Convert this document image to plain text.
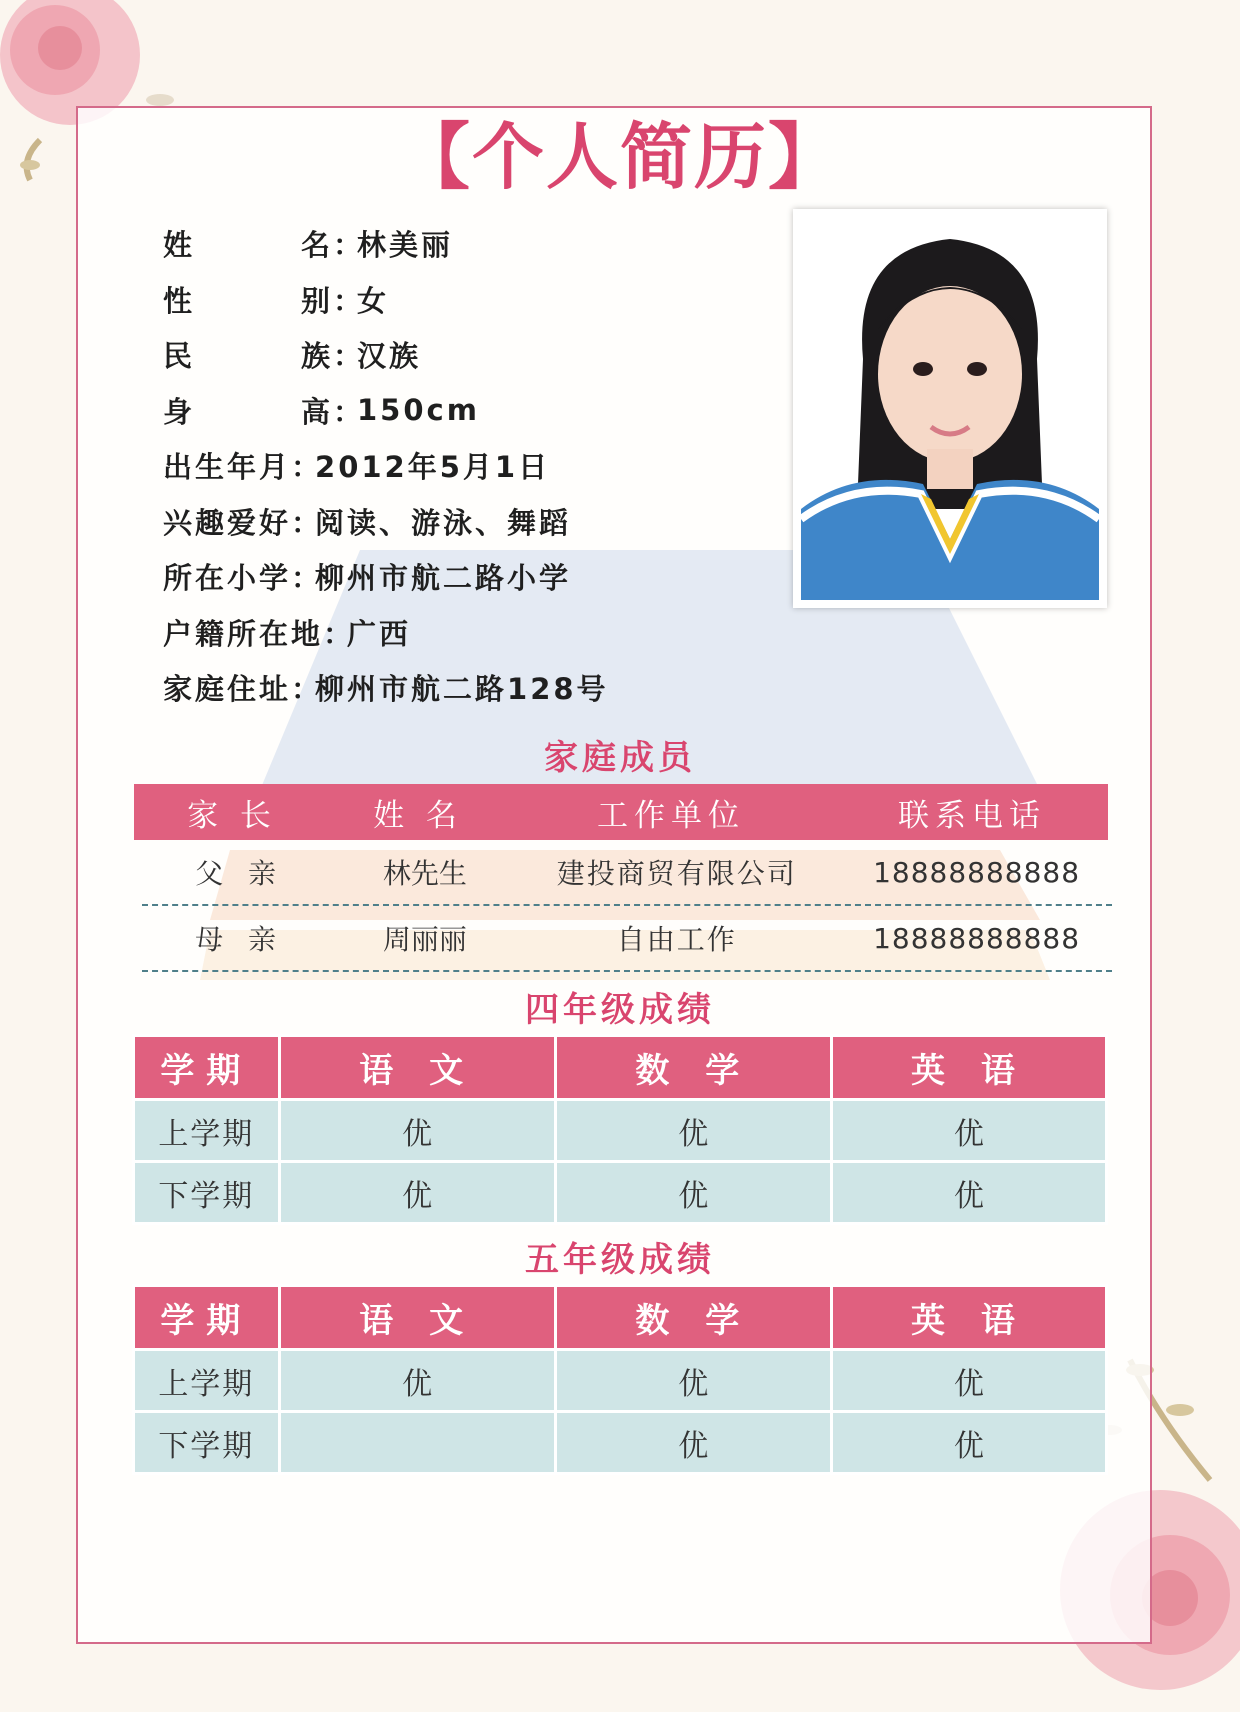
【个人简历】
姓名 ：
林美丽
性别 ：
女
民族 ：
汉族
身高 ：
150cm
出生年月 ：
2012年5月1日
兴趣爱好 ：
阅读、游泳、舞蹈
所在小学 ：
柳州市航二路小学
户籍所在地 ：
广西
家庭住址 ：
柳州市航二路128号
家庭成员
家 长	姓 名	工作单位	联系电话
父 亲	林先生	建投商贸有限公司	18888888888
母 亲	周丽丽	自由工作	18888888888
四年级成绩
学期	语 文	数 学	英 语
上学期	优	优	优
下学期	优	优	优
五年级成绩
学期	语 文	数 学	英 语
上学期	优	优	优
下学期		优	优
